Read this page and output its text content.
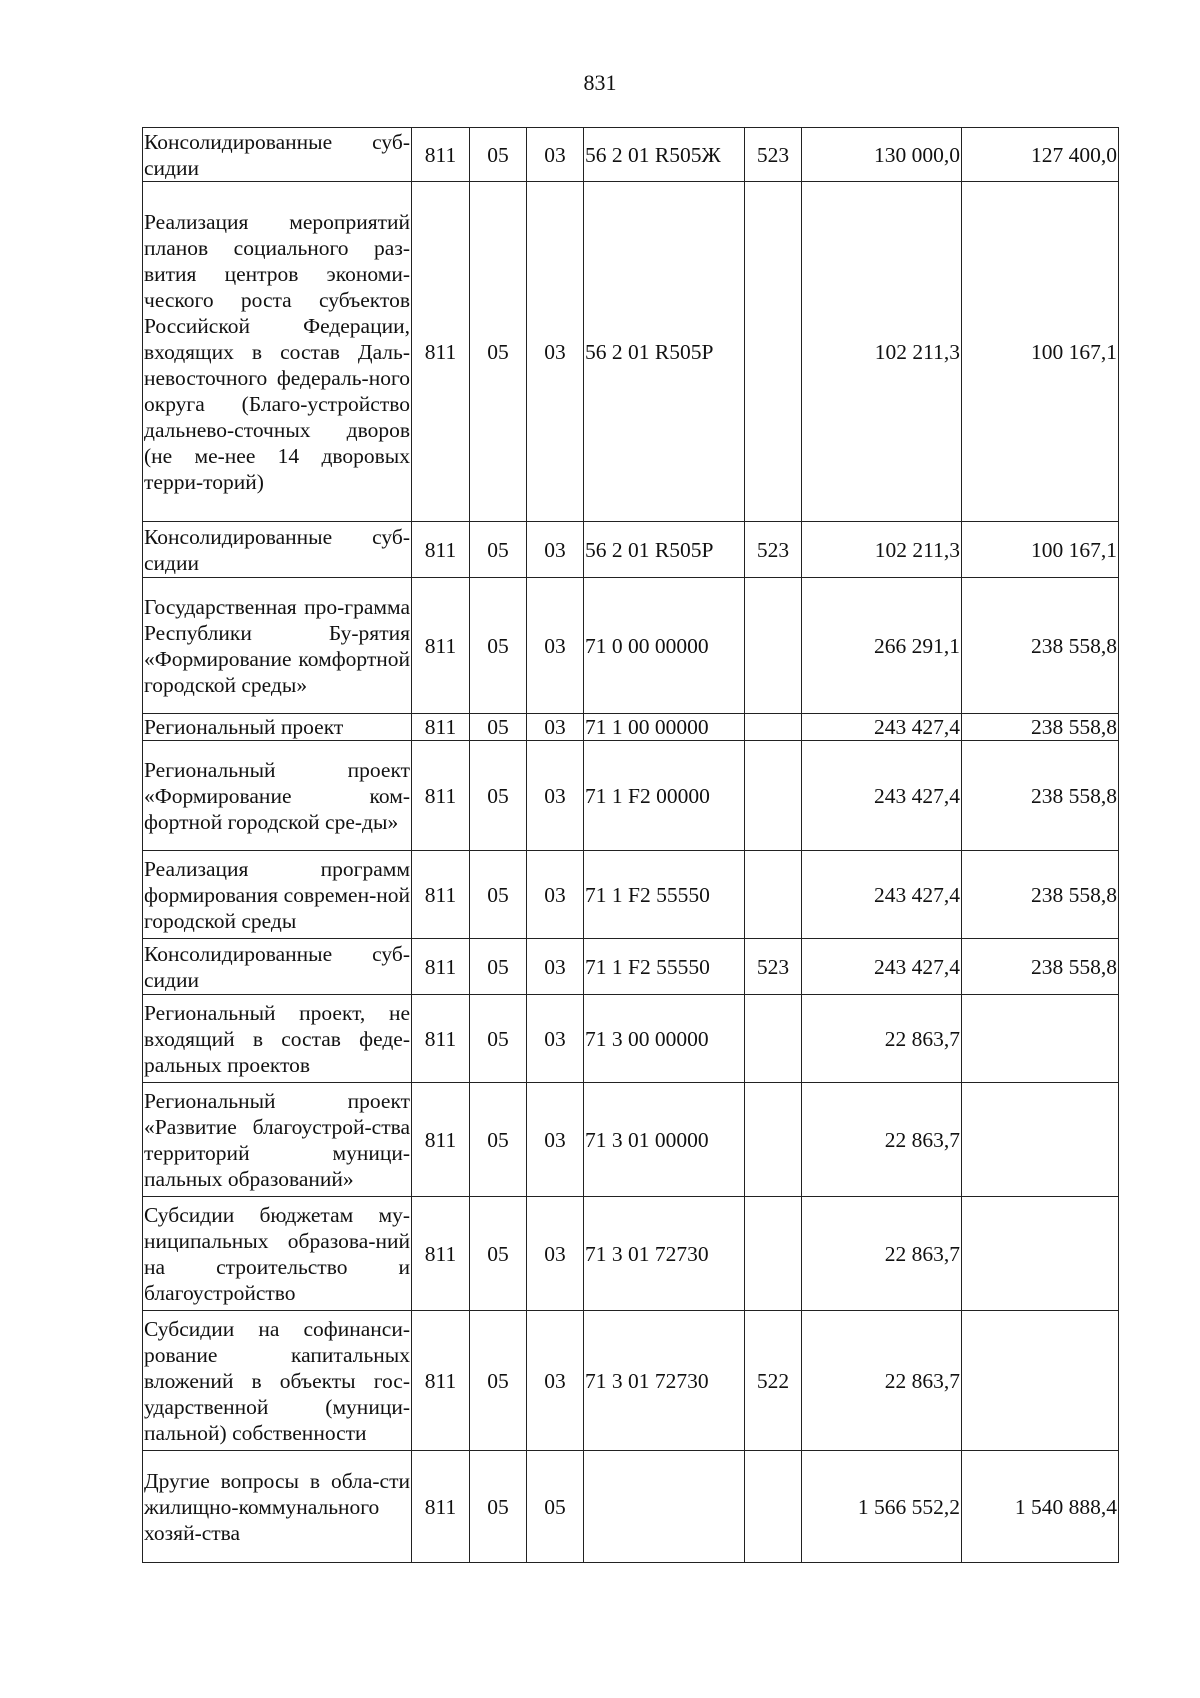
831
Консолидированные суб-сидии	811	05	03	56 2 01 R505Ж	523	130 000,0	127 400,0
Реализация мероприятий планов социального раз-вития центров экономи-ческого роста субъектов Российской Федерации, входящих в состав Даль-невосточного федераль-ного округа (Благо-устройство дальнево-сточных дворов (не ме-нее 14 дворовых терри-торий)	811	05	03	56 2 01 R505Р		102 211,3	100 167,1
Консолидированные суб-сидии	811	05	03	56 2 01 R505Р	523	102 211,3	100 167,1
Государственная про-грамма Республики Бу-рятия «Формирование комфортной городской среды»	811	05	03	71 0 00 00000		266 291,1	238 558,8
Региональный проект	811	05	03	71 1 00 00000		243 427,4	238 558,8
Региональный проект «Формирование ком-фортной городской сре-ды»	811	05	03	71 1 F2 00000		243 427,4	238 558,8
Реализация программ формирования современ-ной городской среды	811	05	03	71 1 F2 55550		243 427,4	238 558,8
Консолидированные суб-сидии	811	05	03	71 1 F2 55550	523	243 427,4	238 558,8
Региональный проект, не входящий в состав феде-ральных проектов	811	05	03	71 3 00 00000		22 863,7	
Региональный проект «Развитие благоустрой-ства территорий муници-пальных образований»	811	05	03	71 3 01 00000		22 863,7	
Субсидии бюджетам му-ниципальных образова-ний на строительство и благоустройство	811	05	03	71 3 01 72730		22 863,7	
Субсидии на софинанси-рование капитальных вложений в объекты гос-ударственной (муници-пальной) собственности	811	05	03	71 3 01 72730	522	22 863,7	
Другие вопросы в обла-сти жилищно-коммунального хозяй-ства	811	05	05			1 566 552,2	1 540 888,4
